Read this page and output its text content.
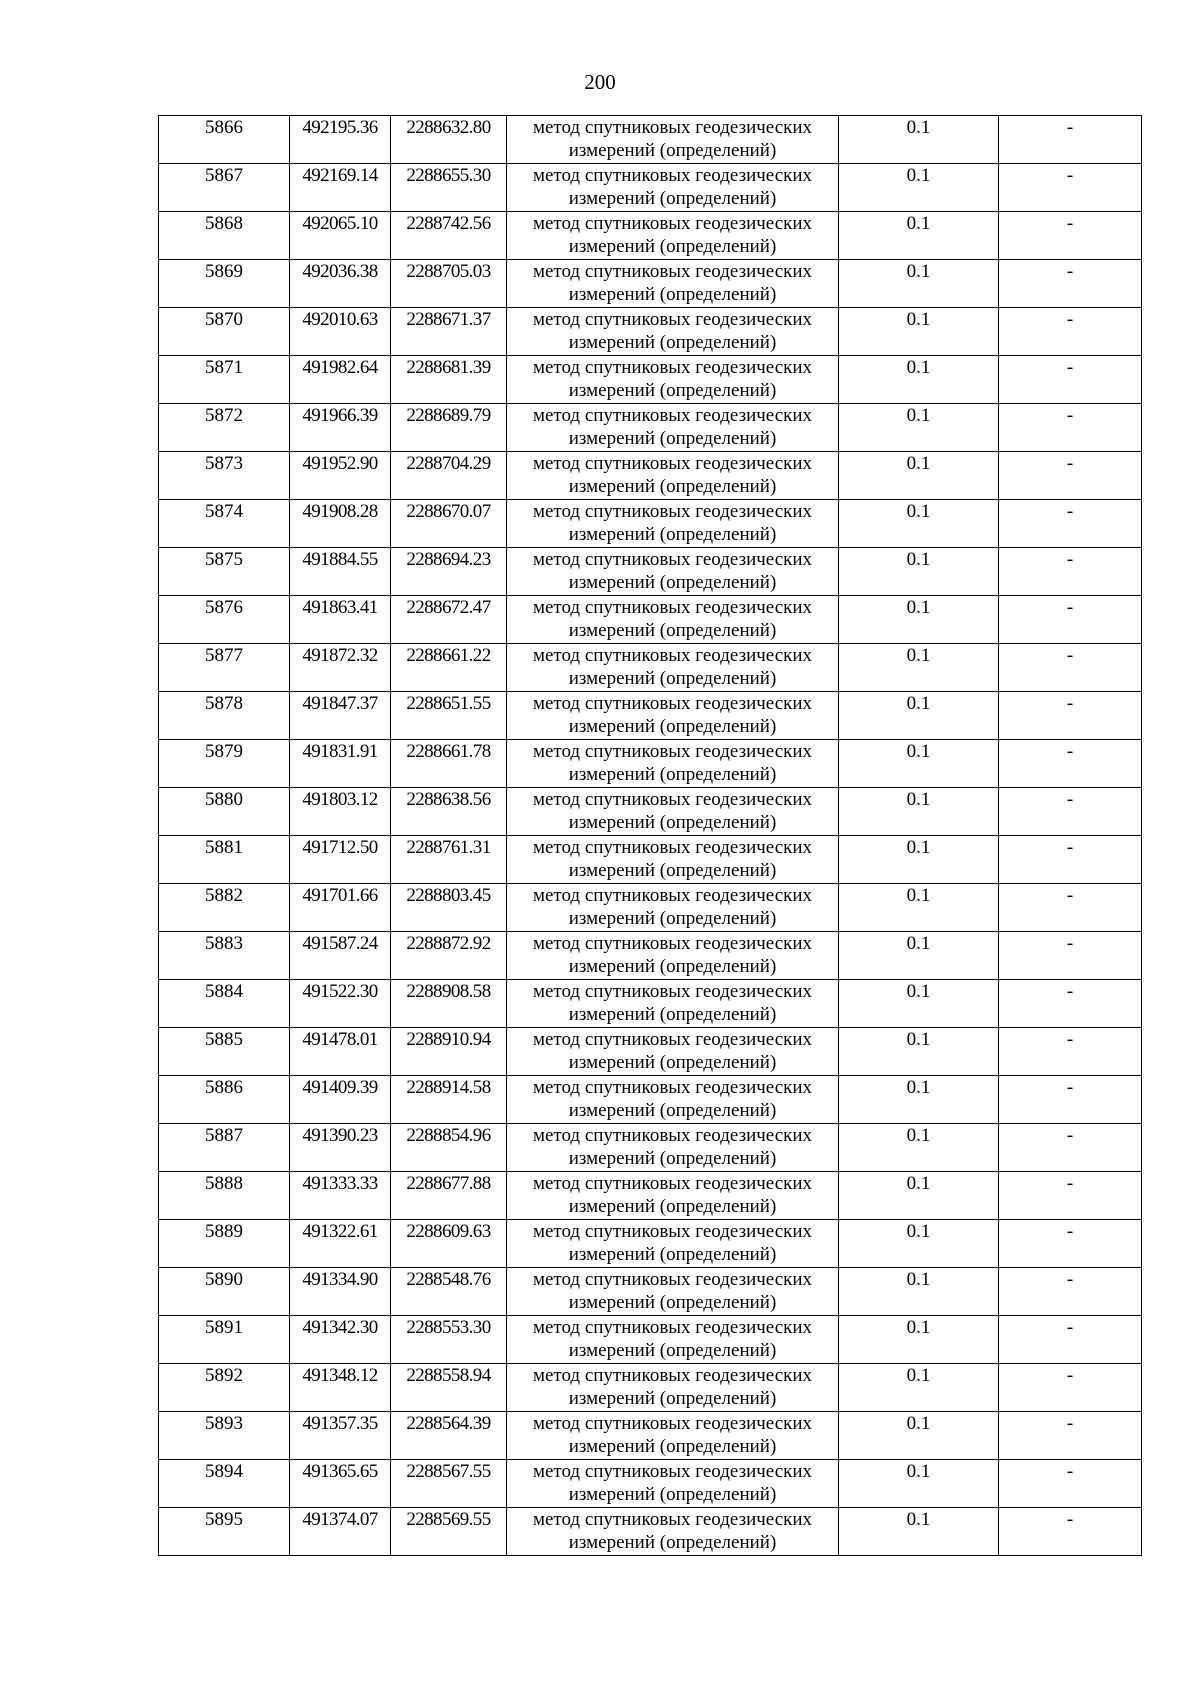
200
5866	492195.36	2288632.80	метод спутниковых геодезических
измерений (определений)	0.1	-
5867	492169.14	2288655.30	метод спутниковых геодезических
измерений (определений)	0.1	-
5868	492065.10	2288742.56	метод спутниковых геодезических
измерений (определений)	0.1	-
5869	492036.38	2288705.03	метод спутниковых геодезических
измерений (определений)	0.1	-
5870	492010.63	2288671.37	метод спутниковых геодезических
измерений (определений)	0.1	-
5871	491982.64	2288681.39	метод спутниковых геодезических
измерений (определений)	0.1	-
5872	491966.39	2288689.79	метод спутниковых геодезических
измерений (определений)	0.1	-
5873	491952.90	2288704.29	метод спутниковых геодезических
измерений (определений)	0.1	-
5874	491908.28	2288670.07	метод спутниковых геодезических
измерений (определений)	0.1	-
5875	491884.55	2288694.23	метод спутниковых геодезических
измерений (определений)	0.1	-
5876	491863.41	2288672.47	метод спутниковых геодезических
измерений (определений)	0.1	-
5877	491872.32	2288661.22	метод спутниковых геодезических
измерений (определений)	0.1	-
5878	491847.37	2288651.55	метод спутниковых геодезических
измерений (определений)	0.1	-
5879	491831.91	2288661.78	метод спутниковых геодезических
измерений (определений)	0.1	-
5880	491803.12	2288638.56	метод спутниковых геодезических
измерений (определений)	0.1	-
5881	491712.50	2288761.31	метод спутниковых геодезических
измерений (определений)	0.1	-
5882	491701.66	2288803.45	метод спутниковых геодезических
измерений (определений)	0.1	-
5883	491587.24	2288872.92	метод спутниковых геодезических
измерений (определений)	0.1	-
5884	491522.30	2288908.58	метод спутниковых геодезических
измерений (определений)	0.1	-
5885	491478.01	2288910.94	метод спутниковых геодезических
измерений (определений)	0.1	-
5886	491409.39	2288914.58	метод спутниковых геодезических
измерений (определений)	0.1	-
5887	491390.23	2288854.96	метод спутниковых геодезических
измерений (определений)	0.1	-
5888	491333.33	2288677.88	метод спутниковых геодезических
измерений (определений)	0.1	-
5889	491322.61	2288609.63	метод спутниковых геодезических
измерений (определений)	0.1	-
5890	491334.90	2288548.76	метод спутниковых геодезических
измерений (определений)	0.1	-
5891	491342.30	2288553.30	метод спутниковых геодезических
измерений (определений)	0.1	-
5892	491348.12	2288558.94	метод спутниковых геодезических
измерений (определений)	0.1	-
5893	491357.35	2288564.39	метод спутниковых геодезических
измерений (определений)	0.1	-
5894	491365.65	2288567.55	метод спутниковых геодезических
измерений (определений)	0.1	-
5895	491374.07	2288569.55	метод спутниковых геодезических
измерений (определений)	0.1	-
